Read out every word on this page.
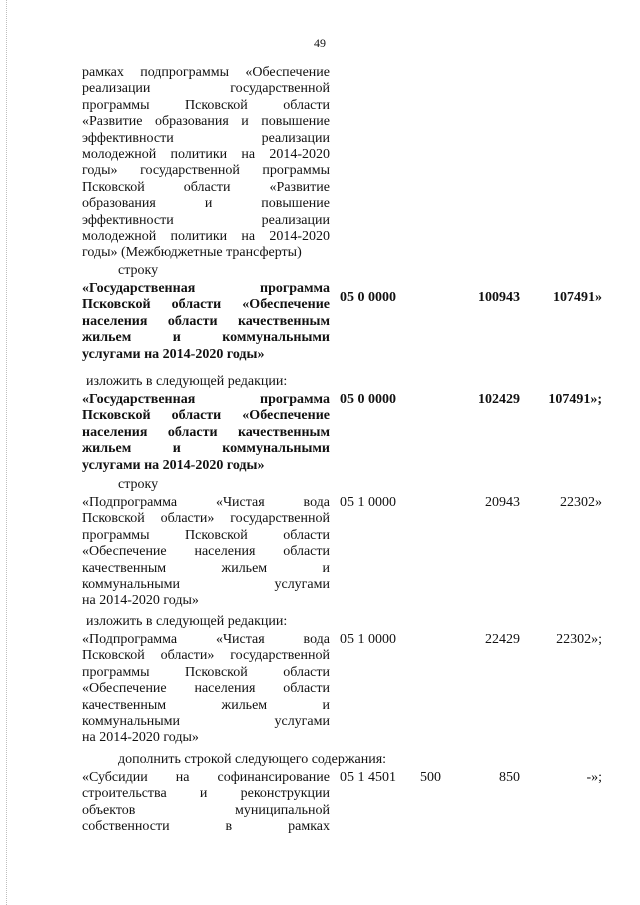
49
рамках подпрограммы «Обеспечение
реализации государственной
программы Псковской области
«Развитие образования и повышение
эффективности реализации
молодежной политики на 2014-2020
годы» государственной программы
Псковской области «Развитие
образования и повышение
эффективности реализации
молодежной политики на 2014-2020
годы» (Межбюджетные трансферты)
строку
«Государственная программа
Псковской области «Обеспечение
населения области качественным
жильем и коммунальными
услугами на 2014-2020 годы»
05 0 0000	100943	107491»
изложить в следующей редакции:
«Государственная программа
Псковской области «Обеспечение
населения области качественным
жильем и коммунальными
услугами на 2014-2020 годы»
05 0 0000	102429	107491»;
строку
«Подпрограмма «Чистая вода
Псковской области» государственной
программы Псковской области
«Обеспечение населения области
качественным жильем и
коммунальными услугами
на 2014-2020 годы»
05 1 0000	20943	22302»
изложить в следующей редакции:
«Подпрограмма «Чистая вода
Псковской области» государственной
программы Псковской области
«Обеспечение населения области
качественным жильем и
коммунальными услугами
на 2014-2020 годы»
05 1 0000	22429	22302»;
дополнить строкой следующего содержания:
«Субсидии на софинансирование
строительства и реконструкции
объектов муниципальной
собственности в рамках
05 1 4501 500	850	-»;
